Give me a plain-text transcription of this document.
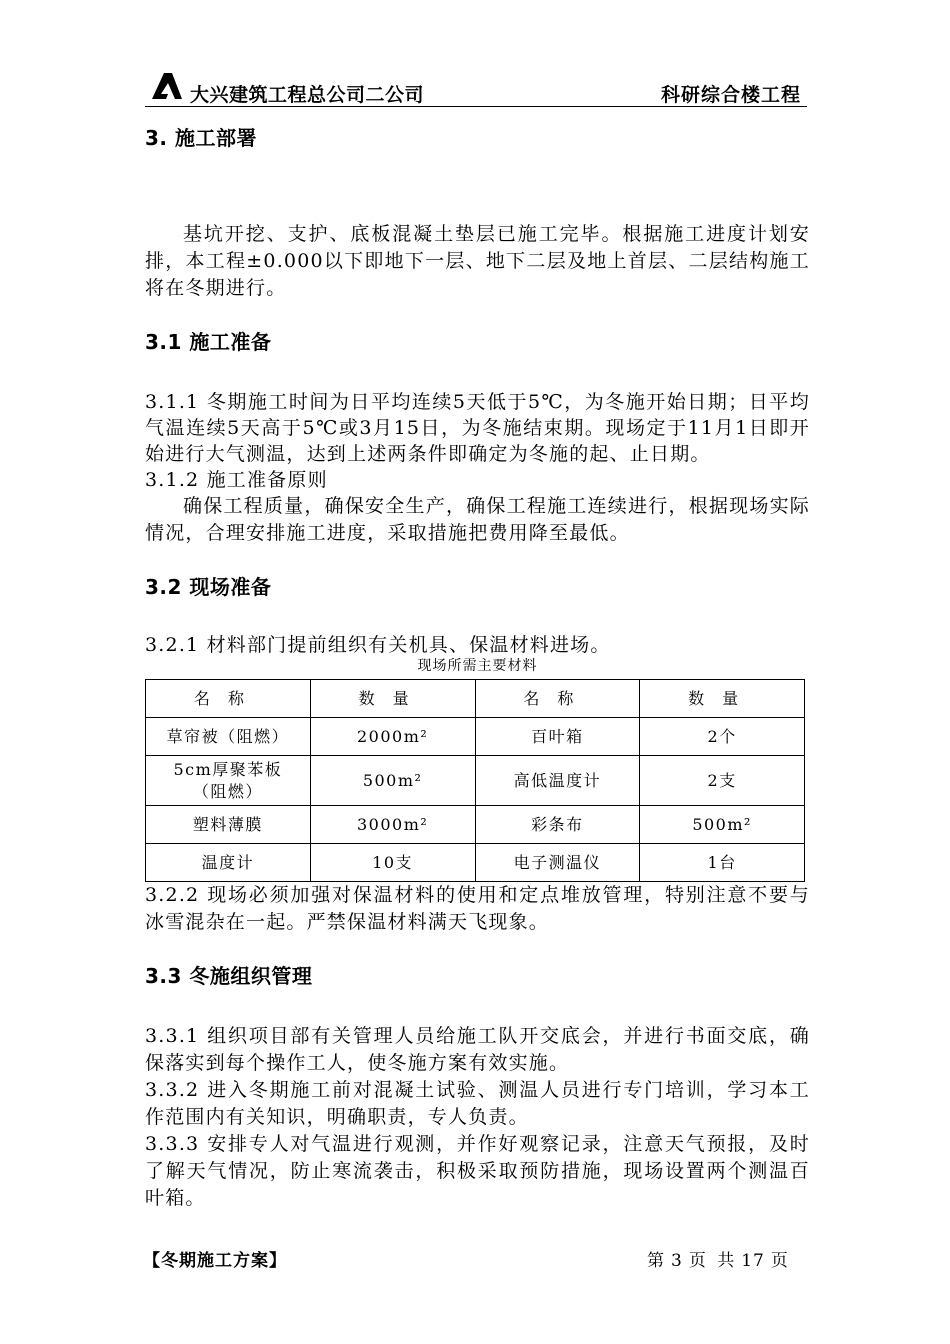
大兴建筑工程总公司二公司	科研综合楼工程
3. 施工部署

基坑开挖、支护、底板混凝土垫层已施工完毕。根据施工进度计划安排，本工程±0.000以下即地下一层、地下二层及地上首层、二层结构施工将在冬期进行。

3.1 施工准备

3.1.1 冬期施工时间为日平均连续5天低于5℃，为冬施开始日期；日平均气温连续5天高于5℃或3月15日，为冬施结束期。现场定于11月1日即开始进行大气测温，达到上述两条件即确定为冬施的起、止日期。

3.1.2 施工准备原则

确保工程质量，确保安全生产，确保工程施工连续进行，根据现场实际情况，合理安排施工进度，采取措施把费用降至最低。

3.2 现场准备

3.2.1 材料部门提前组织有关机具、保温材料进场。

现场所需主要材料

名称	数量	名称	数量
草帘被（阻燃）	2000m²	百叶箱	2个
5cm厚聚苯板（阻燃）	500m²	高低温度计	2支
塑料薄膜	3000m²	彩条布	500m²
温度计	10支	电子测温仪	1台

3.2.2 现场必须加强对保温材料的使用和定点堆放管理，特别注意不要与冰雪混杂在一起。严禁保温材料满天飞现象。

3.3 冬施组织管理

3.3.1 组织项目部有关管理人员给施工队开交底会，并进行书面交底，确保落实到每个操作工人，使冬施方案有效实施。

3.3.2 进入冬期施工前对混凝土试验、测温人员进行专门培训，学习本工作范围内有关知识，明确职责，专人负责。

3.3.3 安排专人对气温进行观测，并作好观察记录，注意天气预报，及时了解天气情况，防止寒流袭击，积极采取预防措施，现场设置两个测温百叶箱。

【冬期施工方案】	第 3 页 共 17 页
